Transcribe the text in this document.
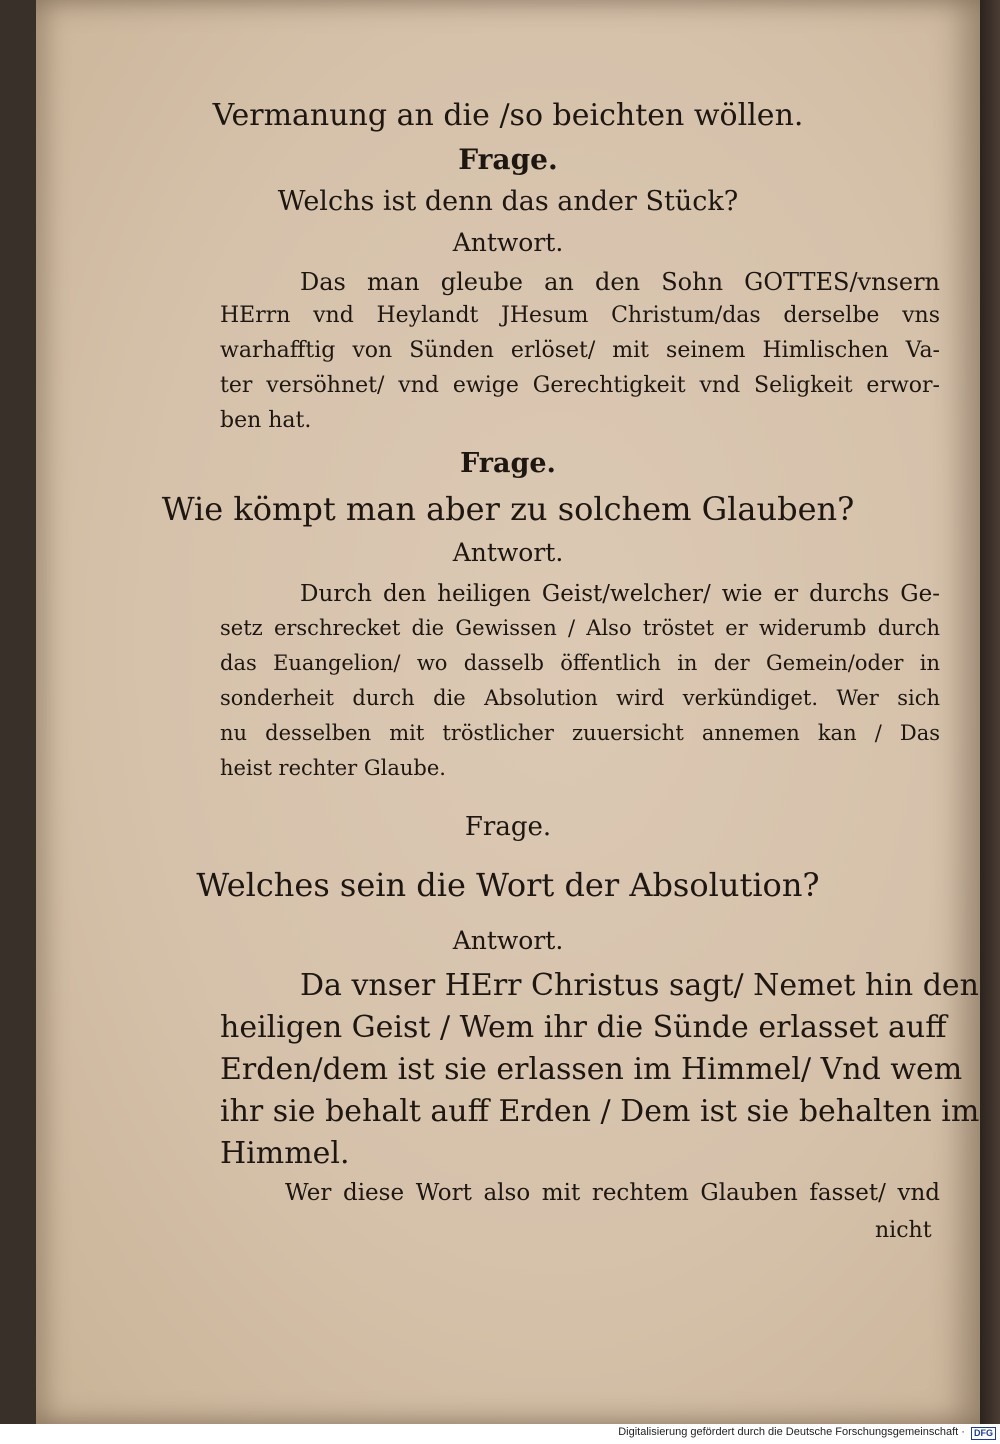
Vermanung an die /so beichten wöllen.
Frage.
Welchs ist denn das ander Stück?
Antwort.
Das man gleube an den Sohn GOTTES/vnsern
HErrn vnd Heylandt JHesum Christum/das derselbe vns
warhafftig von Sünden erlöset/ mit seinem Himlischen Va-
ter versöhnet/ vnd ewige Gerechtigkeit vnd Seligkeit erwor-
ben hat.
Frage.
Wie kömpt man aber zu solchem Glauben?
Antwort.
Durch den heiligen Geist/welcher/ wie er durchs Ge-
setz erschrecket die Gewissen / Also tröstet er widerumb durch
das Euangelion/ wo dasselb öffentlich in der Gemein/oder in
sonderheit durch die Absolution wird verkündiget. Wer sich
nu desselben mit tröstlicher zuuersicht annemen kan / Das
heist rechter Glaube.
Frage.
Welches sein die Wort der Absolution?
Antwort.
Da vnser HErr Christus sagt/ Nemet hin den
heiligen Geist / Wem ihr die Sünde erlasset auff
Erden/dem ist sie erlassen im Himmel/ Vnd wem
ihr sie behalt auff Erden / Dem ist sie behalten im
Himmel.
Wer diese Wort also mit rechtem Glauben fasset/ vnd
nicht
Digitalisierung gefördert durch die Deutsche Forschungsgemeinschaft · DFG
